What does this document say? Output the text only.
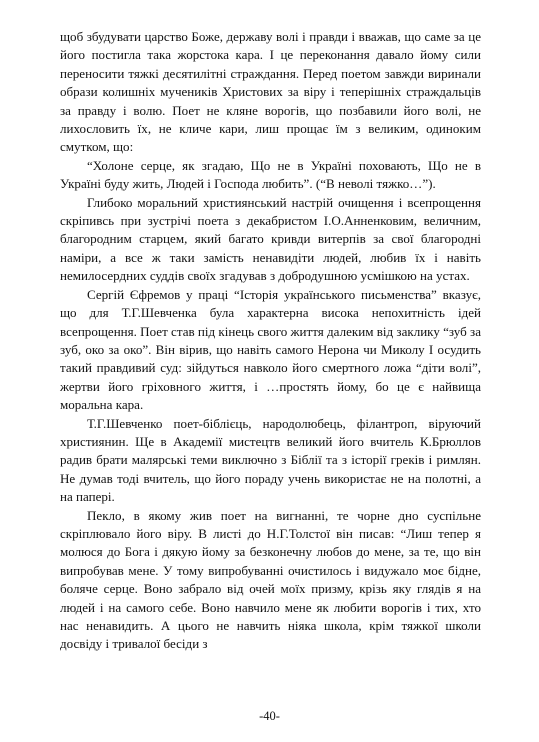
щоб збудувати царство Боже, державу волі і правди і вважав, що саме за це його постигла така жорстока кара. І це переконання давало йому сили переносити тяжкі десятилітні страждання. Перед поетом завжди виринали образи колишніх мучеників Христових за віру і теперішніх страждальців за правду і волю. Поет не кляне ворогів, що позбавили його волі, не лихословить їх, не кличе кари, лиш прощає їм з великим, одиноким смутком, що:

“Холоне серце, як згадаю, Що не в Україні поховають, Що не в Україні буду жить, Людей і Господа любить”. (“В неволі тяжко…”).

Глибоко моральний християнський настрій очищення і всепрощення скріпивсь при зустрічі поета з декабристом І.О.Анненковим, величним, благородним старцем, який багато кривди витерпів за свої благородні наміри, а все ж таки замість ненавидіти людей, любив їх і навіть немилосердних суддів своїх згадував з добродушною усмішкою на устах.

Сергій Єфремов у праці “Історія українського письменства” вказує, що для Т.Г.Шевченка була характерна висока непохитність ідей всепрощення. Поет став під кінець свого життя далеким від заклику “зуб за зуб, око за око”. Він вірив, що навіть самого Нерона чи Миколу І осудить такий правдивий суд: зійдуться навколо його смертного ложа “діти волі”, жертви його гріховного життя, і …простять йому, бо це є найвища моральна кара.

Т.Г.Шевченко поет-біблієць, народолюбець, філантроп, віруючий християнин. Ще в Академії мистецтв великий його вчитель К.Брюллов радив брати малярські теми виключно з Біблії та з історії греків і римлян. Не думав тоді вчитель, що його пораду учень використає не на полотні, а на папері.

Пекло, в якому жив поет на вигнанні, те чорне дно суспільне скріплювало його віру. В листі до Н.Г.Толстої він писав: “Лиш тепер я молюся до Бога і дякую йому за безконечну любов до мене, за те, що він випробував мене. У тому випробуванні очистилось і видужало моє бідне, боляче серце. Воно забрало від очей моїх призму, крізь яку глядів я на людей і на самого себе. Воно навчило мене як любити ворогів і тих, хто нас ненавидить. А цього не навчить ніяка школа, крім тяжкої школи досвіду і тривалої бесіди з

-40-
